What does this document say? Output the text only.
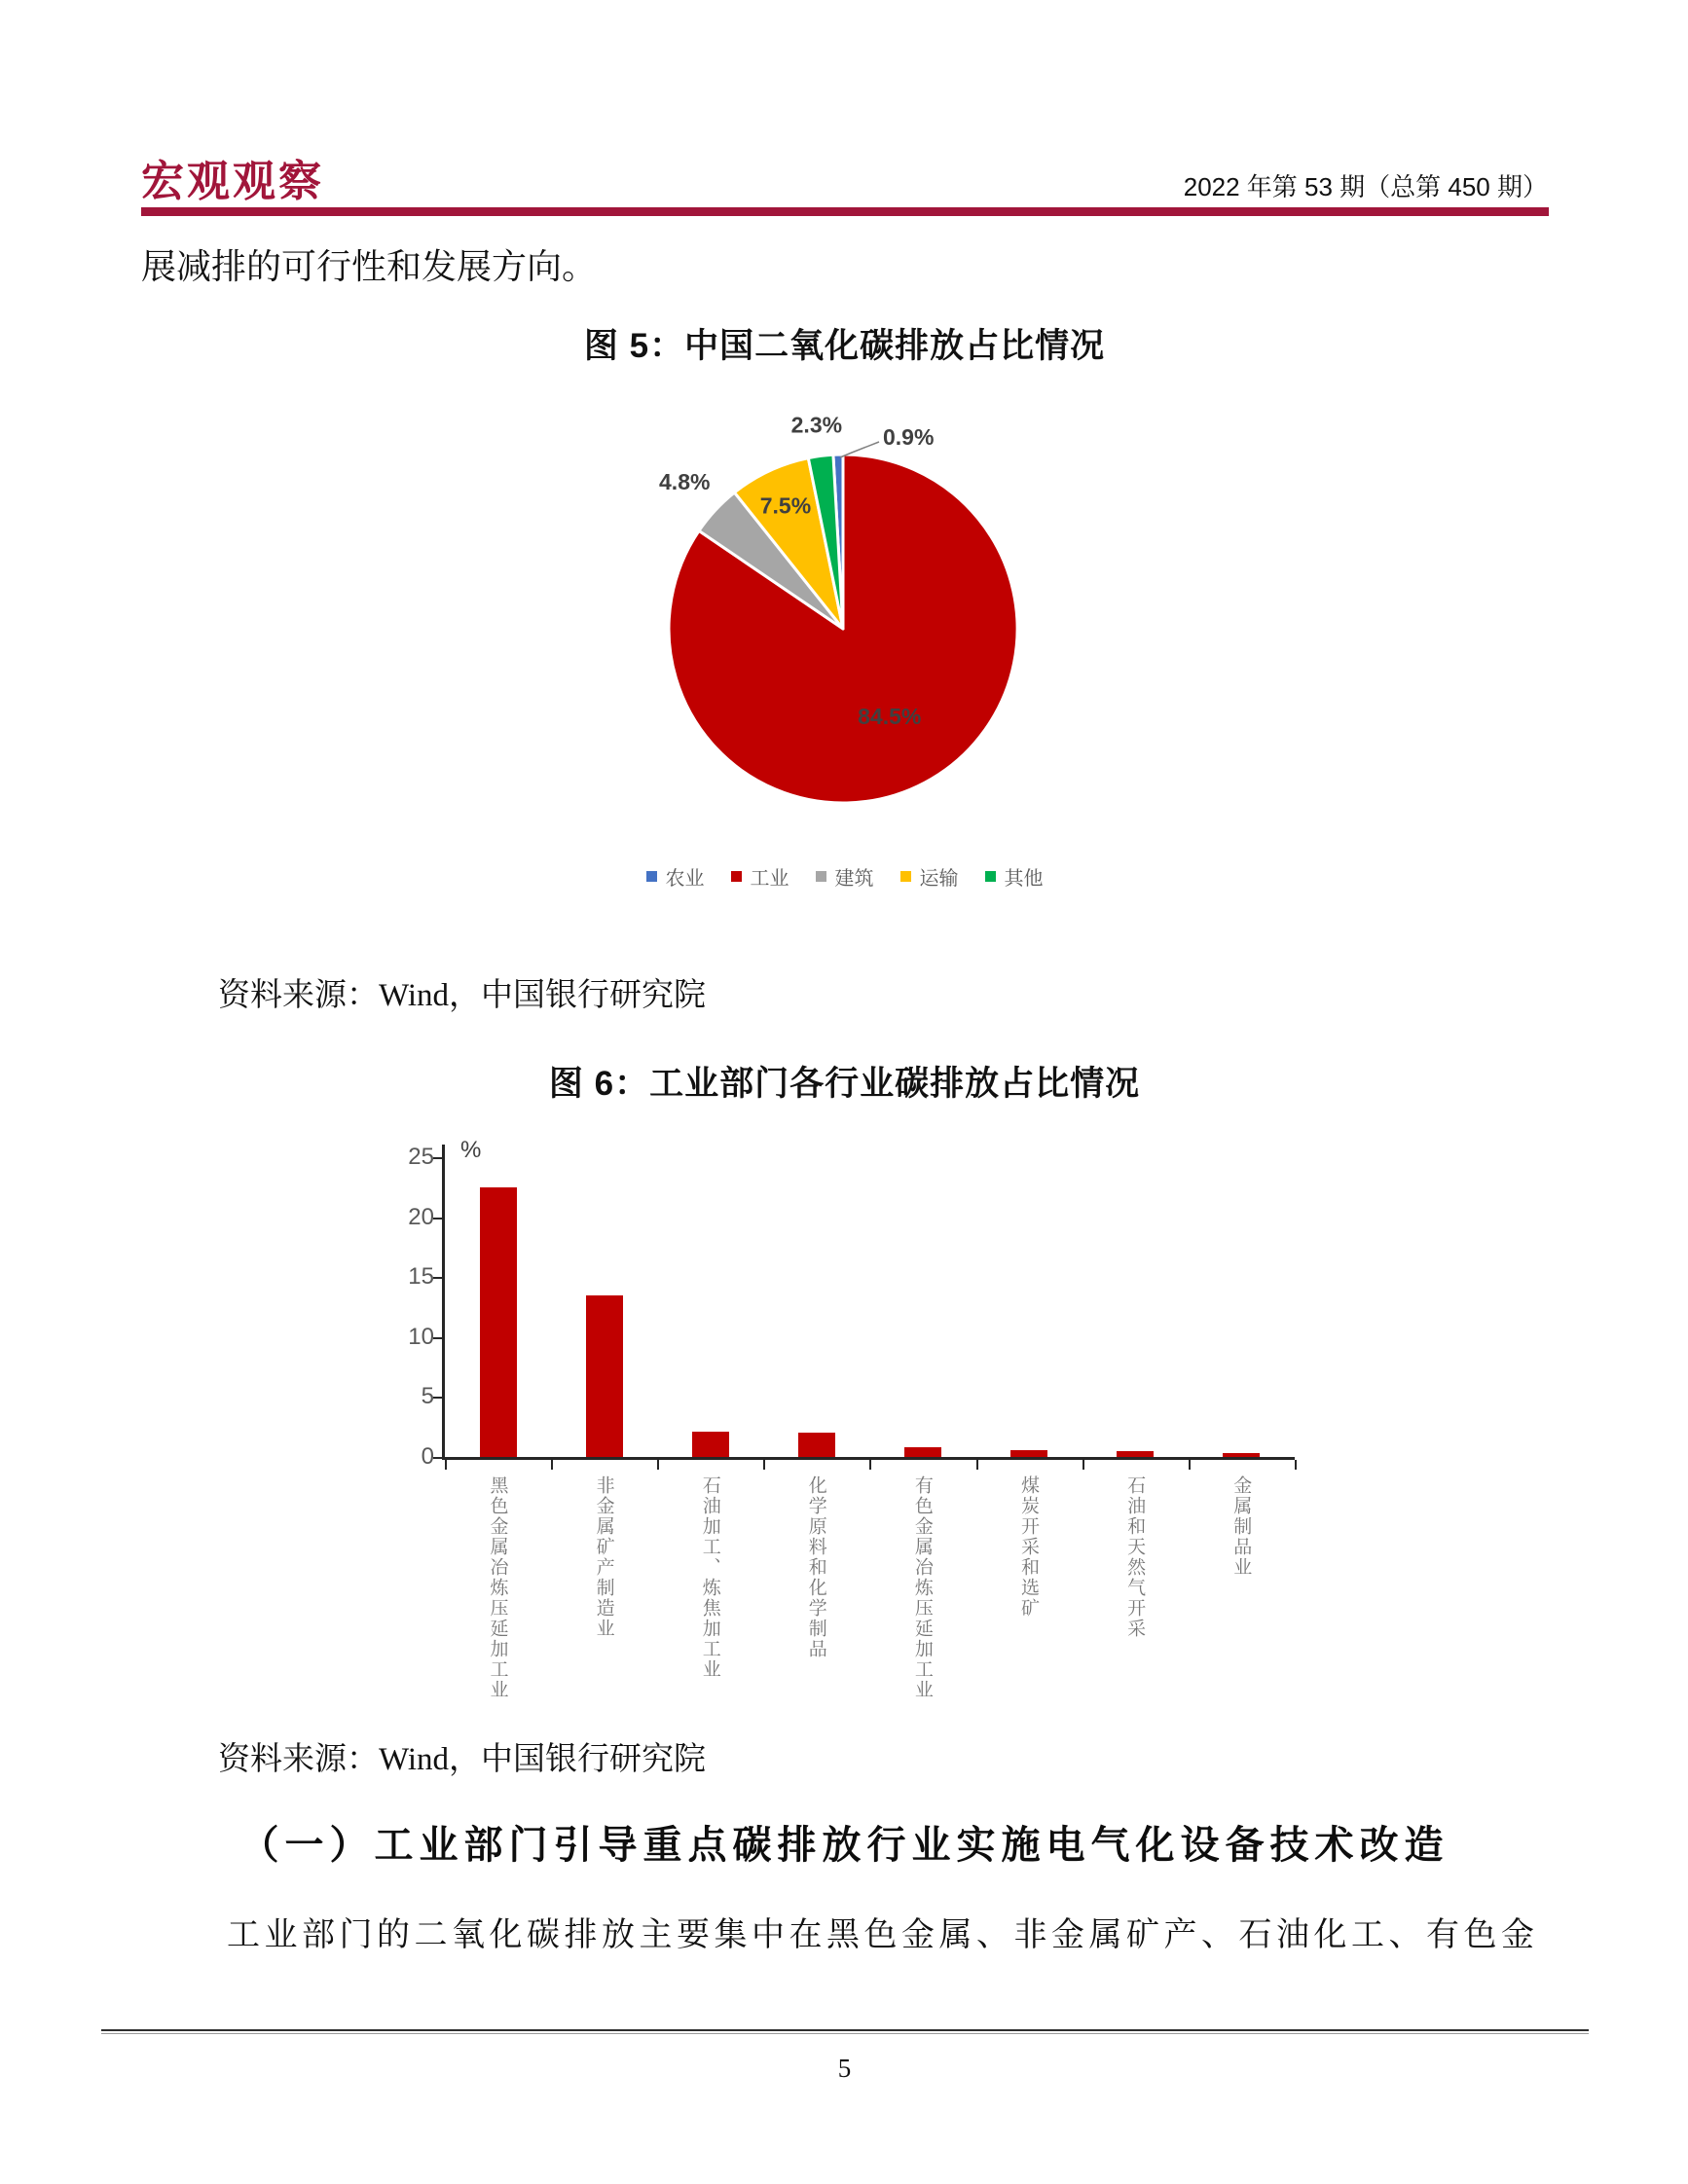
宏观观察	2022 年第 53 期（总第 450 期）

展减排的可行性和发展方向。

图 5：中国二氧化碳排放占比情况
0.9%
84.5%
4.8%
7.5%
2.3%
农业 工业 建筑 运输 其他

资料来源：Wind，中国银行研究院

图 6：工业部门各行业碳排放占比情况
0
5
10
15
20
25 %
黑色金属冶炼压延加工业	非金属矿产制造业	石油加工、炼焦加工业	化学原料和化学制品	有色金属冶炼压延加工业	煤炭开采和选矿	石油和天然气开采	金属制品业

资料来源：Wind，中国银行研究院

（一）工业部门引导重点碳排放行业实施电气化设备技术改造

工业部门的二氧化碳排放主要集中在黑色金属、非金属矿产、石油化工、有色金

5
